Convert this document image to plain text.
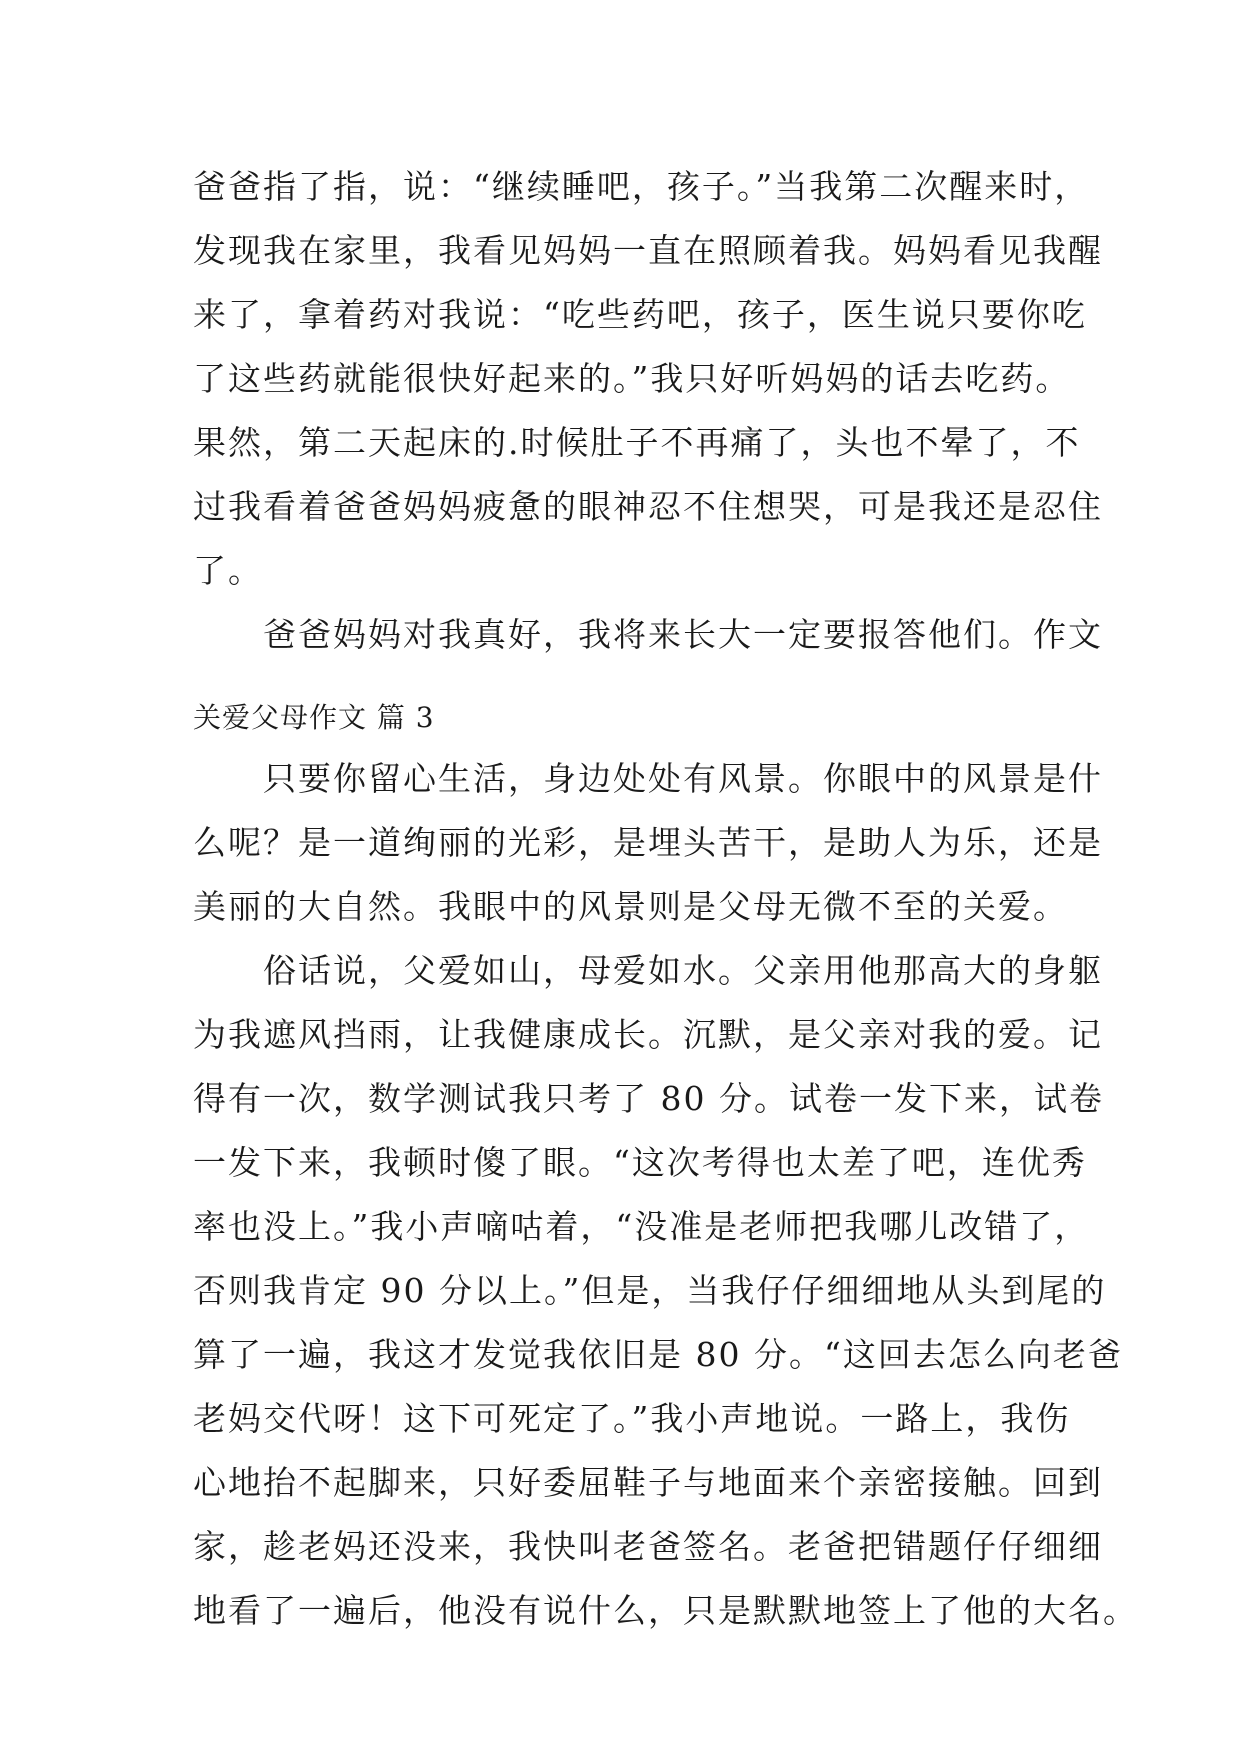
爸爸指了指，说：“继续睡吧，孩子。”当我第二次醒来时，
发现我在家里，我看见妈妈一直在照顾着我。妈妈看见我醒
来了，拿着药对我说：“吃些药吧，孩子，医生说只要你吃
了这些药就能很快好起来的。”我只好听妈妈的话去吃药。
果然，第二天起床的.时候肚子不再痛了，头也不晕了，不
过我看着爸爸妈妈疲惫的眼神忍不住想哭，可是我还是忍住
了。
　　爸爸妈妈对我真好，我将来长大一定要报答他们。作文
关爱父母作文 篇 3
　　只要你留心生活，身边处处有风景。你眼中的风景是什
么呢？是一道绚丽的光彩，是埋头苦干，是助人为乐，还是
美丽的大自然。我眼中的风景则是父母无微不至的关爱。
　　俗话说，父爱如山，母爱如水。父亲用他那高大的身躯
为我遮风挡雨，让我健康成长。沉默，是父亲对我的爱。记
得有一次，数学测试我只考了 80 分。试卷一发下来，试卷
一发下来，我顿时傻了眼。“这次考得也太差了吧，连优秀
率也没上。”我小声嘀咕着，“没准是老师把我哪儿改错了，
否则我肯定 90 分以上。”但是，当我仔仔细细地从头到尾的
算了一遍，我这才发觉我依旧是 80 分。“这回去怎么向老爸
老妈交代呀！这下可死定了。”我小声地说。一路上，我伤
心地抬不起脚来，只好委屈鞋子与地面来个亲密接触。回到
家，趁老妈还没来，我快叫老爸签名。老爸把错题仔仔细细
地看了一遍后，他没有说什么，只是默默地签上了他的大名。
